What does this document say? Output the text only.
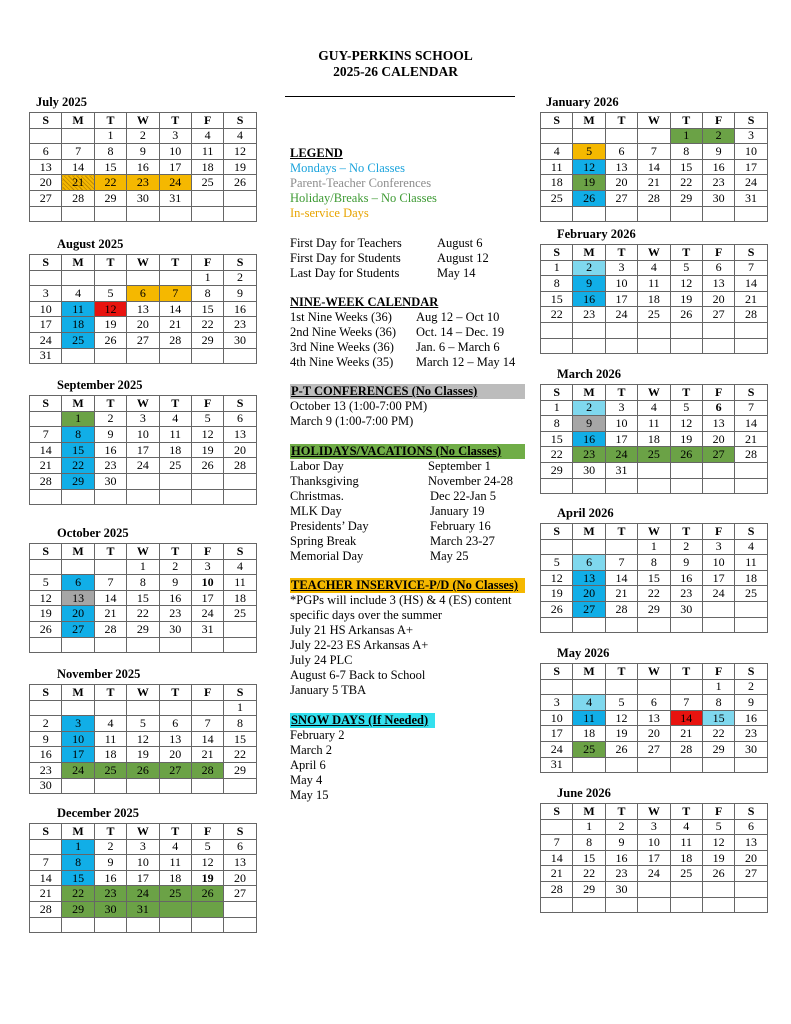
GUY-PERKINS SCHOOL
2025-26 CALENDAR
July 2025
S	M	T	W	T	F	S
		1	2	3	4	4
6	7	8	9	10	11	12
13	14	15	16	17	18	19
20	21	22	23	24	25	26
27	28	29	30	31		

August 2025
S	M	T	W	T	F	S
					1	2
3	4	5	6	7	8	9
10	11	12	13	14	15	16
17	18	19	20	21	22	23
24	25	26	27	28	29	30
31						
September 2025
S	M	T	W	T	F	S
	1	2	3	4	5	6
7	8	9	10	11	12	13
14	15	16	17	18	19	20
21	22	23	24	25	26	28
28	29	30				

October 2025
S	M	T	W	T	F	S
			1	2	3	4
5	6	7	8	9	10	11
12	13	14	15	16	17	18
19	20	21	22	23	24	25
26	27	28	29	30	31	

November 2025
S	M	T	W	T	F	S
						1
2	3	4	5	6	7	8
9	10	11	12	13	14	15
16	17	18	19	20	21	22
23	24	25	26	27	28	29
30						
December 2025
S	M	T	W	T	F	S
	1	2	3	4	5	6
7	8	9	10	11	12	13
14	15	16	17	18	19	20
21	22	23	24	25	26	27
28	29	30	31			

January 2026
S	M	T	W	T	F	S
				1	2	3
4	5	6	7	8	9	10
11	12	13	14	15	16	17
18	19	20	21	22	23	24
25	26	27	28	29	30	31

February 2026
S	M	T	W	T	F	S
1	2	3	4	5	6	7
8	9	10	11	12	13	14
15	16	17	18	19	20	21
22	23	24	25	26	27	28

March 2026
S	M	T	W	T	F	S
1	2	3	4	5	6	7
8	9	10	11	12	13	14
15	16	17	18	19	20	21
22	23	24	25	26	27	28
29	30	31				

April 2026
S	M	T	W	T	F	S
			1	2	3	4
5	6	7	8	9	10	11
12	13	14	15	16	17	18
19	20	21	22	23	24	25
26	27	28	29	30		

May 2026
S	M	T	W	T	F	S
					1	2
3	4	5	6	7	8	9
10	11	12	13	14	15	16
17	18	19	20	21	22	23
24	25	26	27	28	29	30
31						
June 2026
S	M	T	W	T	F	S
	1	2	3	4	5	6
7	8	9	10	11	12	13
14	15	16	17	18	19	20
21	22	23	24	25	26	27
28	29	30				

LEGEND
Mondays – No Classes
Parent-Teacher Conferences
Holiday/Breaks – No Classes
In-service Days
First Day for Teachers	August 6
First Day for Students	August 12
Last Day for Students	May 14
NINE-WEEK CALENDAR
1st Nine Weeks (36)	Aug 12 – Oct 10
2nd Nine Weeks (36)	Oct. 14 – Dec. 19
3rd Nine Weeks (36)	Jan. 6 – March 6
4th Nine Weeks (35)	March 12 – May 14
P-T CONFERENCES (No Classes)
October 13 (1:00-7:00 PM)
March 9 (1:00-7:00 PM)
HOLIDAYS/VACATIONS (No Classes)
Labor Day	September 1
Thanksgiving	November 24-28
Christmas.	Dec 22-Jan 5
MLK Day	January 19
Presidents’ Day	February 16
Spring Break	March 23-27
Memorial Day	May 25
TEACHER INSERVICE-P/D (No Classes)
*PGPs will include 3 (HS) & 4 (ES) content
specific days over the summer
July 21 HS Arkansas A+
July 22-23 ES Arkansas A+
July 24 PLC
August 6-7 Back to School
January 5 TBA
SNOW DAYS (If Needed)
February 2
March 2
April 6
May 4
May 15
